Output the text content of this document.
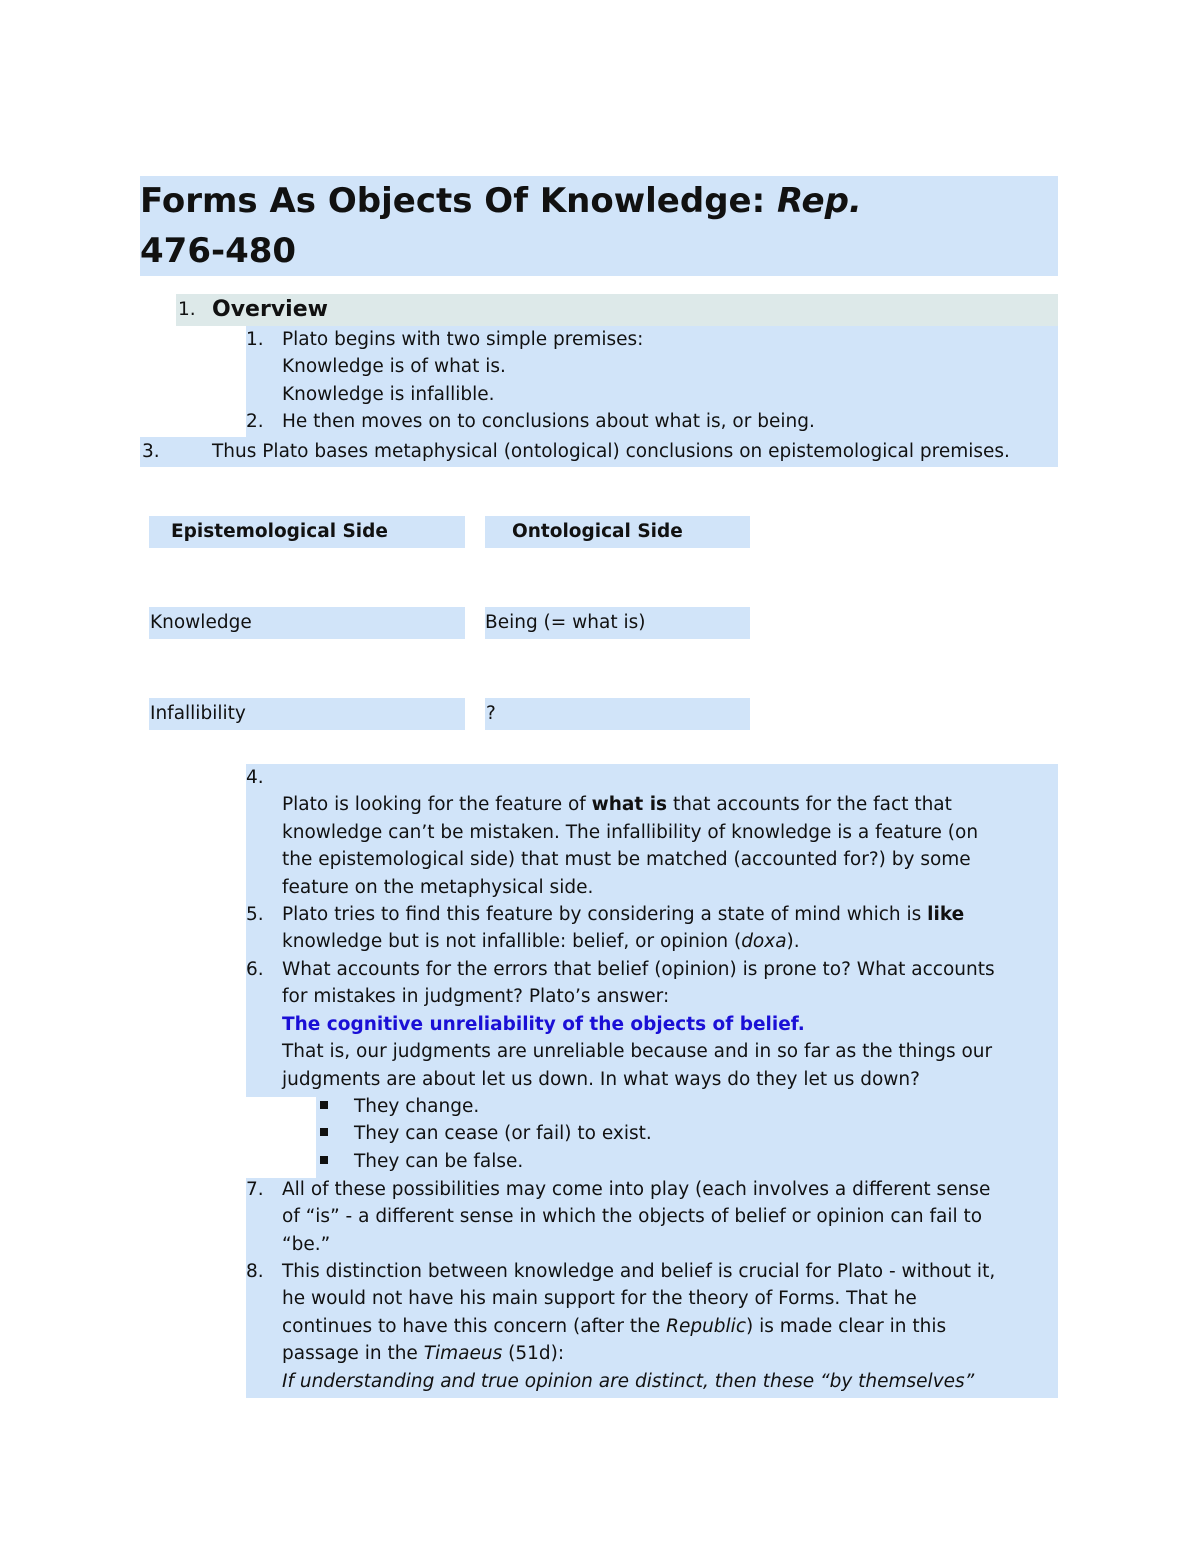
Forms As Objects Of Knowledge: Rep.

476-480

1. Overview
1. Plato begins with two simple premises:
Knowledge is of what is.
Knowledge is infallible.
2. He then moves on to conclusions about what is, or being.
3.	Thus Plato bases metaphysical (ontological) conclusions on epistemological premises.
Epistemological Side	Ontological Side
Knowledge	Being (= what is)
Infallibility	?
4.
Plato is looking for the feature of what is that accounts for the fact that
knowledge can’t be mistaken. The infallibility of knowledge is a feature (on
the epistemological side) that must be matched (accounted for?) by some
feature on the metaphysical side.
5. Plato tries to find this feature by considering a state of mind which is like
knowledge but is not infallible: belief, or opinion (doxa).
6. What accounts for the errors that belief (opinion) is prone to? What accounts
for mistakes in judgment? Plato’s answer:
The cognitive unreliability of the objects of belief.
That is, our judgments are unreliable because and in so far as the things our
judgments are about let us down. In what ways do they let us down?
They change.
They can cease (or fail) to exist.
They can be false.
7. All of these possibilities may come into play (each involves a different sense
of “is” - a different sense in which the objects of belief or opinion can fail to
“be.”
8. This distinction between knowledge and belief is crucial for Plato - without it,
he would not have his main support for the theory of Forms. That he
continues to have this concern (after the Republic) is made clear in this
passage in the Timaeus (51d):
If understanding and true opinion are distinct, then these “by themselves”
